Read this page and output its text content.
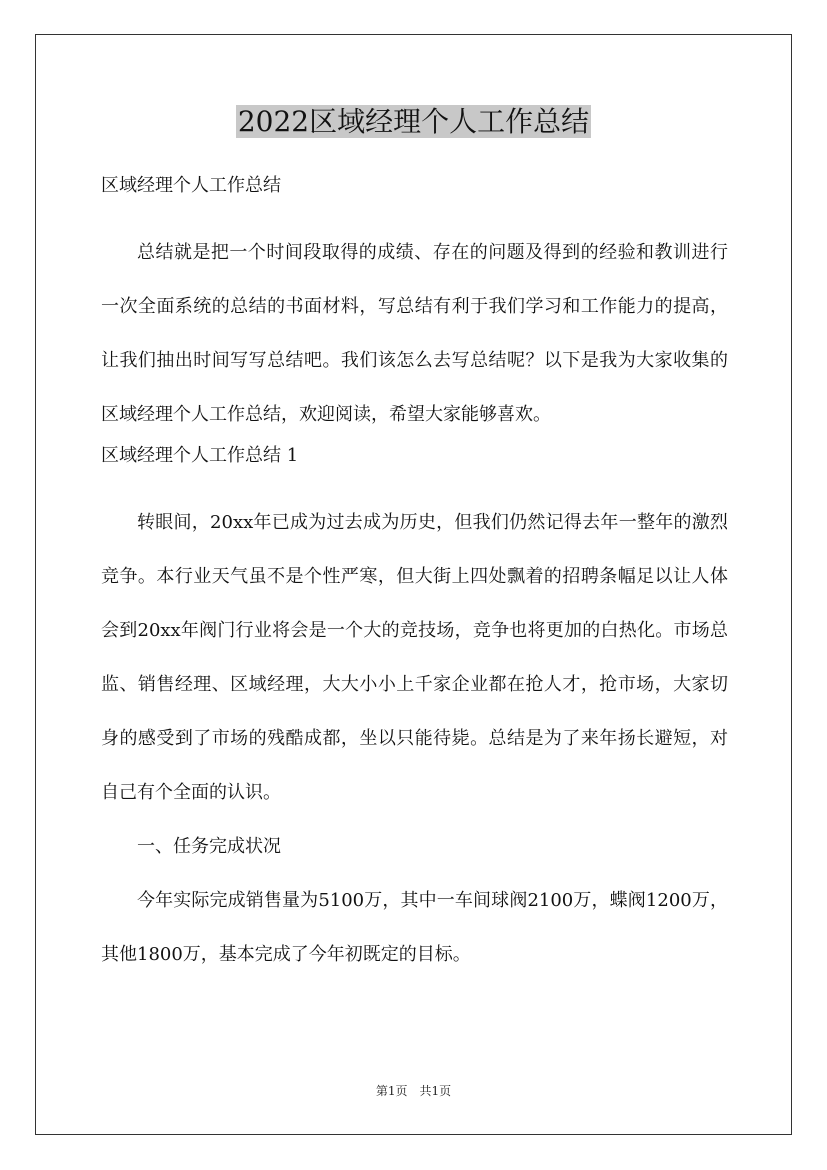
2022区域经理个人工作总结

区域经理个人工作总结

总结就是把一个时间段取得的成绩、存在的问题及得到的经验和教训进行一次全面系统的总结的书面材料，写总结有利于我们学习和工作能力的提高，让我们抽出时间写写总结吧。我们该怎么去写总结呢？以下是我为大家收集的区域经理个人工作总结，欢迎阅读，希望大家能够喜欢。

区域经理个人工作总结 1

转眼间，20xx年已成为过去成为历史，但我们仍然记得去年一整年的激烈竞争。本行业天气虽不是个性严寒，但大街上四处飘着的招聘条幅足以让人体会到20xx年阀门行业将会是一个大的竞技场，竞争也将更加的白热化。市场总监、销售经理、区域经理，大大小小上千家企业都在抢人才，抢市场，大家切身的感受到了市场的残酷成都，坐以只能待毙。总结是为了来年扬长避短，对自己有个全面的认识。

一、任务完成状况

今年实际完成销售量为5100万，其中一车间球阀2100万，蝶阀1200万，其他1800万，基本完成了今年初既定的目标。

第1页　共1页
